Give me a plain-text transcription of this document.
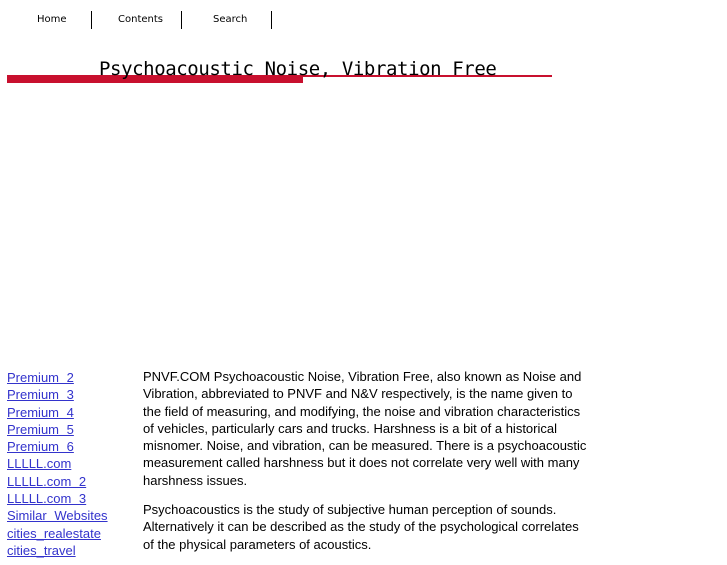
Home	Contents	Search
Psychoacoustic Noise, Vibration Free
Premium 2
Premium 3
Premium 4
Premium 5
Premium 6
LLLLL.com
LLLLL.com 2
LLLLL.com 3
Similar Websites
cities_realestate
cities_travel

PNVF.COM Psychoacoustic Noise, Vibration Free, also known as Noise and Vibration, abbreviated to PNVF and N&V respectively, is the name given to the field of measuring, and modifying, the noise and vibration characteristics of vehicles, particularly cars and trucks. Harshness is a bit of a historical misnomer. Noise, and vibration, can be measured. There is a psychoacoustic measurement called harshness but it does not correlate very well with many harshness issues.

Psychoacoustics is the study of subjective human perception of sounds. Alternatively it can be described as the study of the psychological correlates of the physical parameters of acoustics.
